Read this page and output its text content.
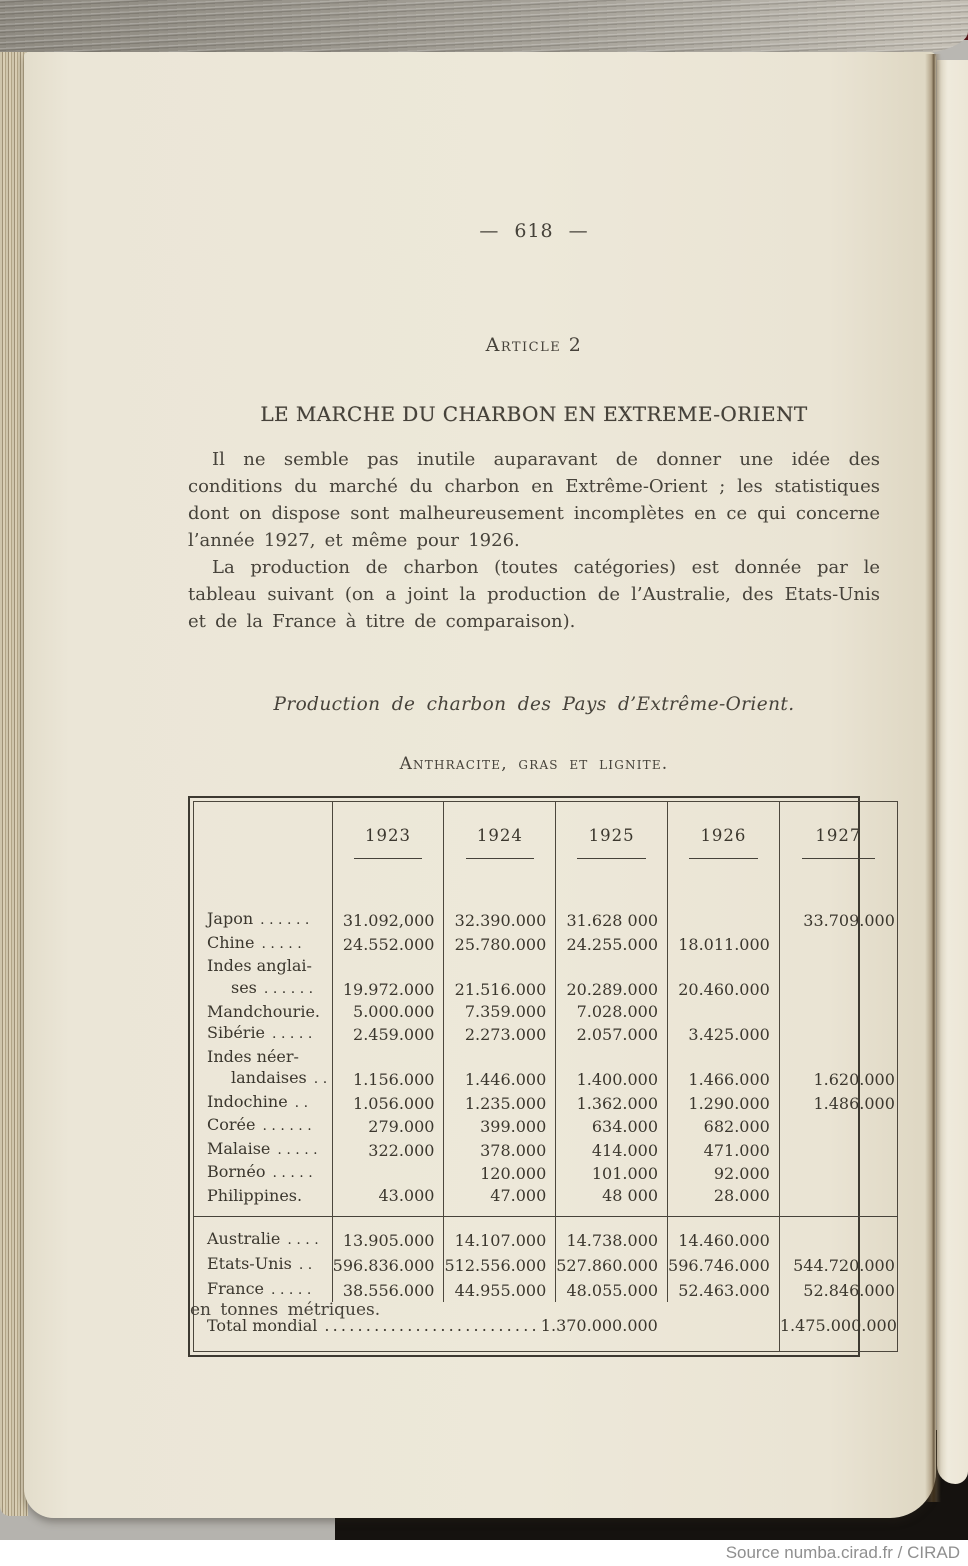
— 618 —
Article 2
LE MARCHE DU CHARBON EN EXTREME-ORIENT

Il ne semble pas inutile auparavant de donner une idée des conditions du marché du charbon en Extrême-Orient ; les statistiques dont on dispose sont malheureusement incomplètes en ce qui concerne l’année 1927, et même pour 1926.

La production de charbon (toutes catégories) est donnée par le tableau suivant (on a joint la production de l’Australie, des Etats-Unis et de la France à titre de comparaison).

Production de charbon des Pays d’Extrême-Orient.
Anthracite, gras et lignite.

	1923	1924	1925	1926	1927

Japon ......	31.092,000	32.390.000	31.628 000		33.709.000

Chine .....	24.552.000	25.780.000	24.255.000	18.011.000	

Indes anglai-
ses ......	19.972.000	21.516.000	20.289.000	20.460.000	

Mandchourie.	5.000.000	7.359.000	7.028.000		

Sibérie .....	2.459.000	2.273.000	2.057.000	3.425.000	

Indes néer-
landaises ..	1.156.000	1.446.000	1.400.000	1.466.000	1.620.000

Indochine ..	1.056.000	1.235.000	1.362.000	1.290.000	1.486.000

Corée ......	279.000	399.000	634.000	682.000	

Malaise .....	322.000	378.000	414.000	471.000	

Bornéo .....		120.000	101.000	92.000	

Philippines.	43.000	47.000	48 000	28.000	

Australie ....	13.905.000	14.107.000	14.738.000	14.460.000	

Etats-Unis ..	596.836.000	512.556.000	527.860.000	596.746.000	544.720.000

France .....	38.556.000	44.955.000	48.055.000	52.463.000	52.846.000
Total mondial ..........................1.370.000.000					1.475.000.000
en tonnes métriques.
Source numba.cirad.fr / CIRAD
